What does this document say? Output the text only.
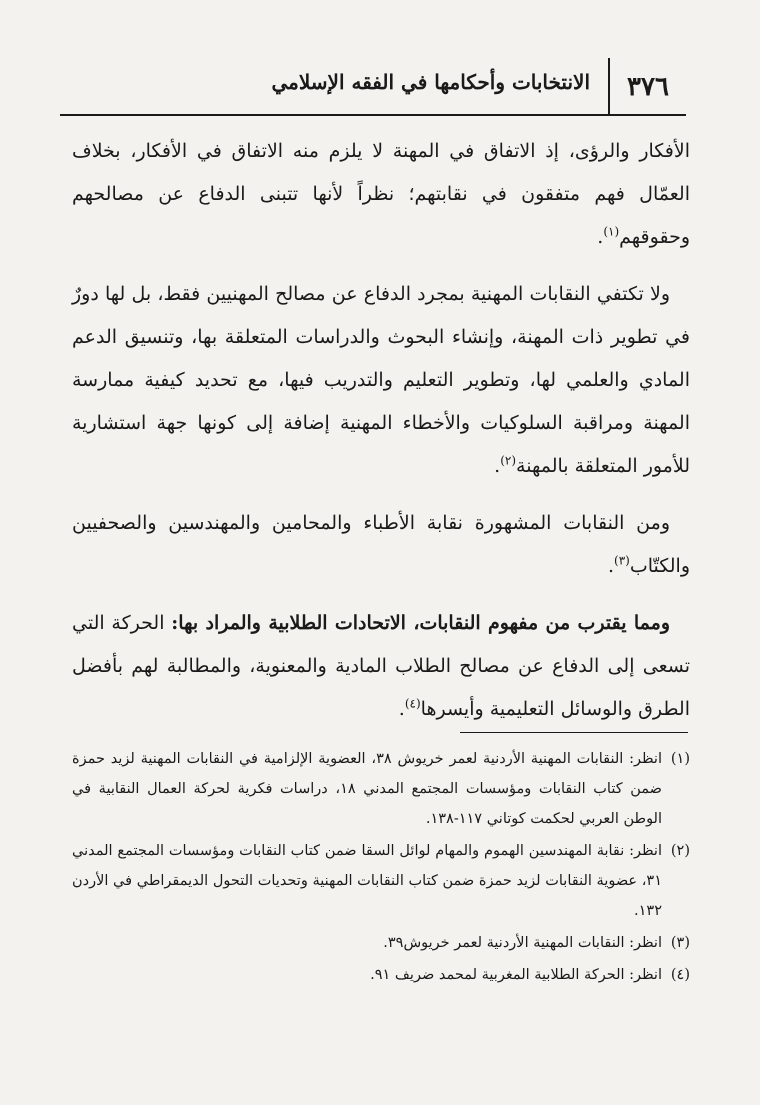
٣٧٦
الانتخابات وأحكامها في الفقه الإسلامي

الأفكار والرؤى، إذ الاتفاق في المهنة لا يلزم منه الاتفاق في الأفكار، بخلاف العمّال فهم متفقون في نقابتهم؛ نظراً لأنها تتبنى الدفاع عن مصالحهم وحقوقهم$^{(١)}$.

ولا تكتفي النقابات المهنية بمجرد الدفاع عن مصالح المهنيين فقط، بل لها دورٌ في تطوير ذات المهنة، وإنشاء البحوث والدراسات المتعلقة بها، وتنسيق الدعم المادي والعلمي لها، وتطوير التعليم والتدريب فيها، مع تحديد كيفية ممارسة المهنة ومراقبة السلوكيات والأخطاء المهنية إضافة إلى كونها جهة استشارية للأمور المتعلقة بالمهنة$^{(٢)}$.

ومن النقابات المشهورة نقابة الأطباء والمحامين والمهندسين والصحفيين والكتّاب$^{(٣)}$.

ومما يقترب من مفهوم النقابات، الاتحادات الطلابية والمراد بها: الحركة التي تسعى إلى الدفاع عن مصالح الطلاب المادية والمعنوية، والمطالبة لهم بأفضل الطرق والوسائل التعليمية وأيسرها$^{(٤)}$.

(١)
انظر: النقابات المهنية الأردنية لعمر خريوش ٣٨، العضوية الإلزامية في النقابات المهنية لزيد حمزة ضمن كتاب النقابات ومؤسسات المجتمع المدني ١٨، دراسات فكرية لحركة العمال النقابية في الوطن العربي لحكمت كوتاني ١١٧-١٣٨.
(٢)
انظر: نقابة المهندسين الهموم والمهام لوائل السقا ضمن كتاب النقابات ومؤسسات المجتمع المدني ٣١، عضوية النقابات لزيد حمزة ضمن كتاب النقابات المهنية وتحديات التحول الديمقراطي في الأردن ١٣٢.
(٣)
انظر: النقابات المهنية الأردنية لعمر خريوش٣٩.
(٤)
انظر: الحركة الطلابية المغربية لمحمد ضريف ٩١.
